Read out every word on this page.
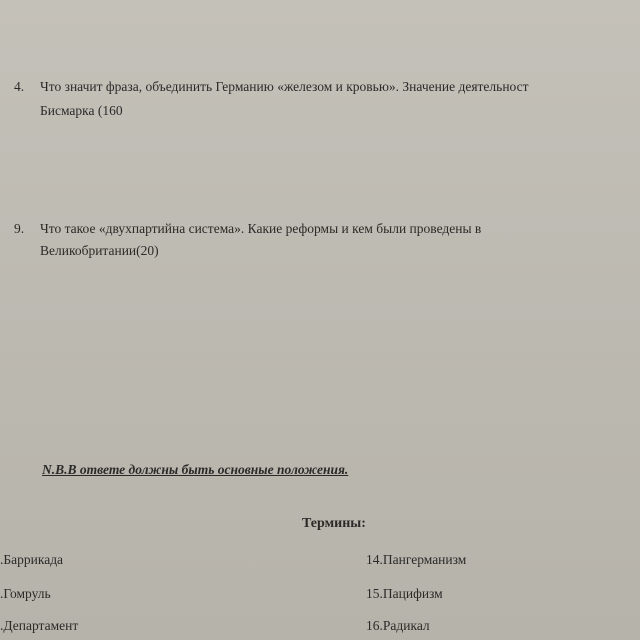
4.	Что значит фраза, объединить Германию «железом и кровью». Значение деятельност
Бисмарка (160
9.	Что такое «двухпартийна система». Какие реформы и кем были проведены в
Великобритании(20)
N.B.В ответе должны быть основные положения.
Термины:
.Баррикада
.Гомруль
.Департамент
14.Пангерманизм
15.Пацифизм
16.Радикал
